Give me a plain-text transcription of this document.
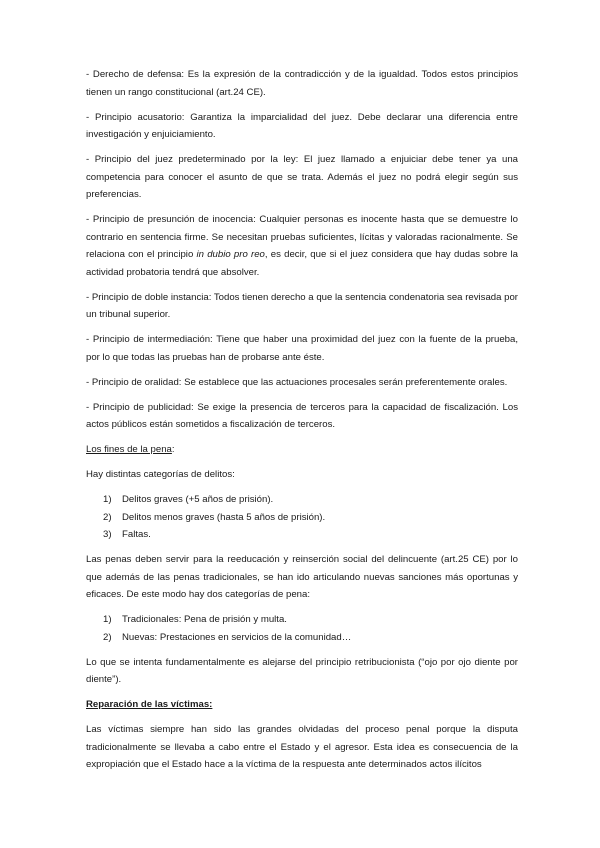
- Derecho de defensa: Es la expresión de la contradicción y de la igualdad. Todos estos principios tienen un rango constitucional (art.24 CE).

- Principio acusatorio: Garantiza la imparcialidad del juez. Debe declarar una diferencia entre investigación y enjuiciamiento.

- Principio del juez predeterminado por la ley: El juez llamado a enjuiciar debe tener ya una competencia para conocer el asunto de que se trata. Además el juez no podrá elegir según sus preferencias.

- Principio de presunción de inocencia: Cualquier personas es inocente hasta que se demuestre lo contrario en sentencia firme. Se necesitan pruebas suficientes, lícitas y valoradas racionalmente. Se relaciona con el principio in dubio pro reo, es decir, que si el juez considera que hay dudas sobre la actividad probatoria tendrá que absolver.

- Principio de doble instancia: Todos tienen derecho a que la sentencia condenatoria sea revisada por un tribunal superior.

- Principio de intermediación: Tiene que haber una proximidad del juez con la fuente de la prueba, por lo que todas las pruebas han de probarse ante éste.

- Principio de oralidad: Se establece que las actuaciones procesales serán preferentemente orales.

- Principio de publicidad: Se exige la presencia de terceros para la capacidad de fiscalización. Los actos públicos están sometidos a fiscalización de terceros.

Los fines de la pena:

Hay distintas categorías de delitos:

1) Delitos graves (+5 años de prisión).
2) Delitos menos graves (hasta 5 años de prisión).
3) Faltas.

Las penas deben servir para la reeducación y reinserción social del delincuente (art.25 CE) por lo que además de las penas tradicionales, se han ido articulando nuevas sanciones más oportunas y eficaces. De este modo hay dos categorías de pena:

1) Tradicionales: Pena de prisión y multa.
2) Nuevas: Prestaciones en servicios de la comunidad…

Lo que se intenta fundamentalmente es alejarse del principio retribucionista (“ojo por ojo diente por diente”).

Reparación de las víctimas:

Las víctimas siempre han sido las grandes olvidadas del proceso penal porque la disputa tradicionalmente se llevaba a cabo entre el Estado y el agresor. Esta idea es consecuencia de la expropiación que el Estado hace a la víctima de la respuesta ante determinados actos ilícitos
